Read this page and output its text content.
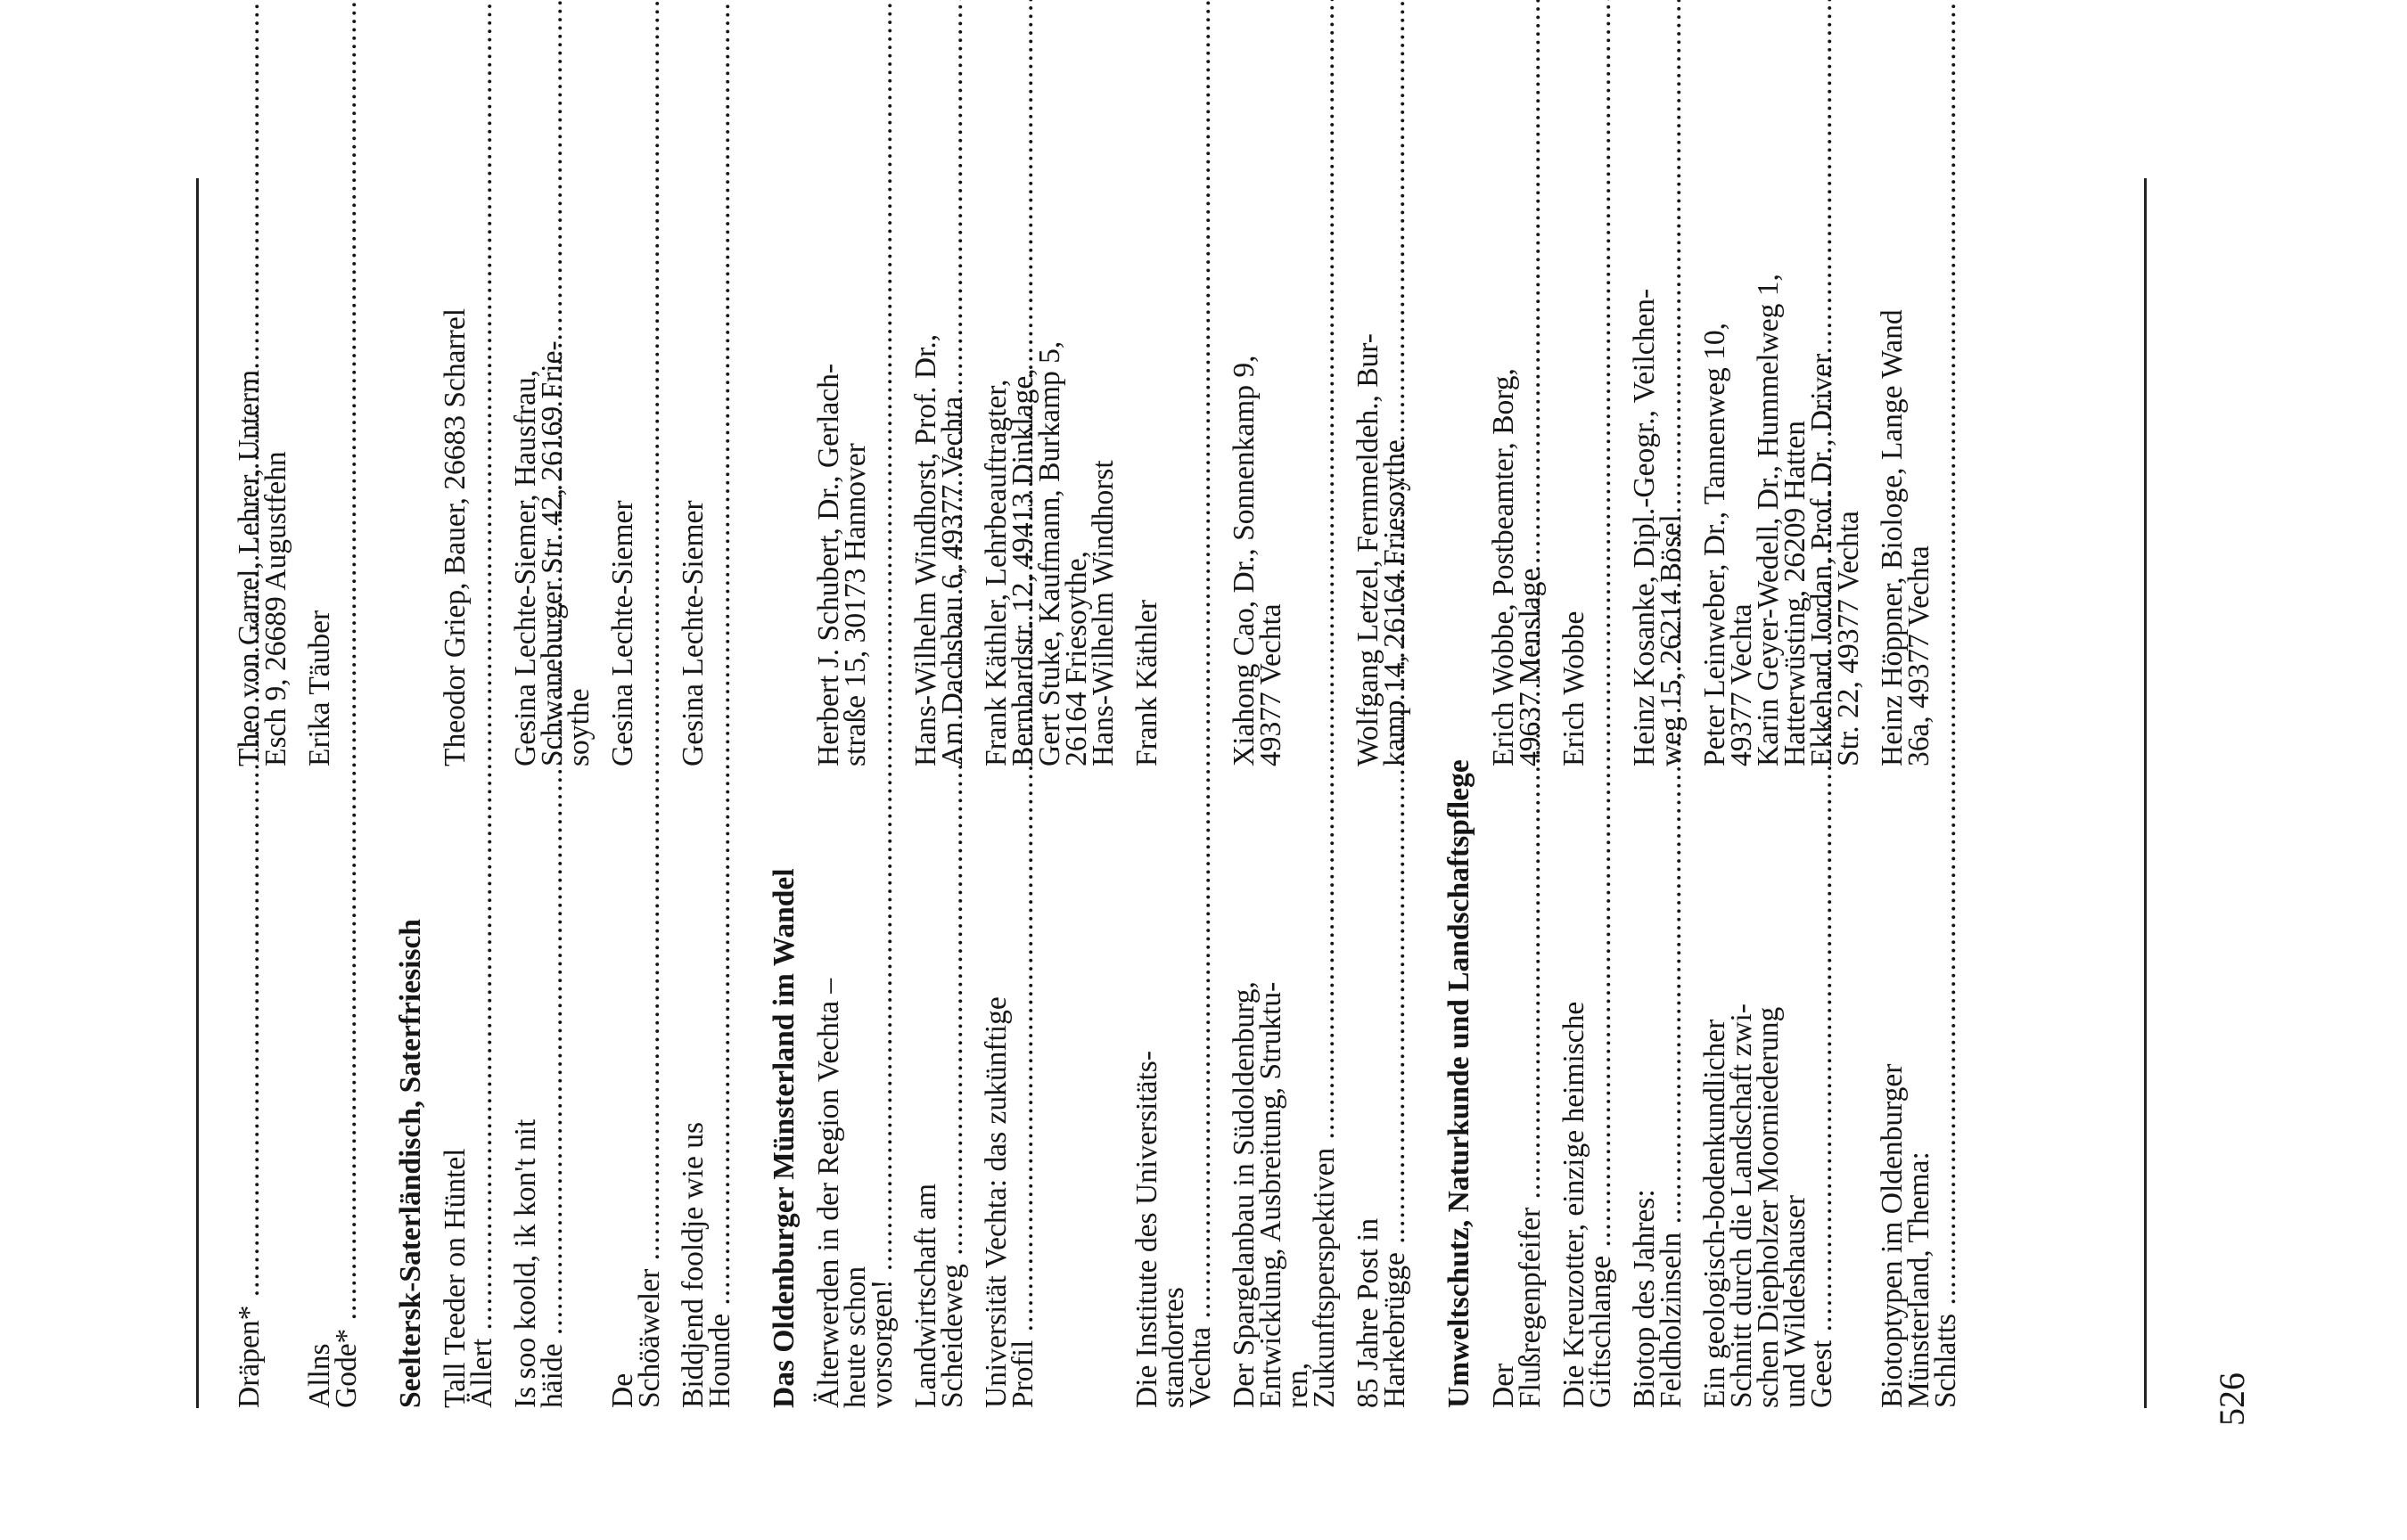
Dräpen* .....
Theo von Garrel, Lehrer, Unterm
Esch 9, 26689 Augustfehn
Allns Gode* .....
Erika Täuber
Seeltersk-Saterländisch, Saterfriesisch Tall Teeder on Hüntel Ällert .....
Theodor Griep, Bauer, 26683 Scharrel
Is soo koold, ik kon't nit häide .....
Gesina Lechte-Siemer, Hausfrau,
Schwaneburger Str. 42, 26169 Frie-
soythe
De Schöäweler .....
Gesina Lechte-Siemer
Biddjend fooldje wie us Hounde .....
Gesina Lechte-Siemer
Das Oldenburger Münsterland im Wandel Älterwerden in der Region Vechta –
heute schon vorsorgen! .....
Herbert J. Schubert, Dr., Gerlach-
straße 15, 30173 Hannover
Landwirtschaft am Scheideweg .....
Hans-Wilhelm Windhorst, Prof. Dr.,
Am Dachsbau 6, 49377 Vechta
Universität Vechta: das zukünftige
Profil .....
Frank Käthler, Lehrbeauftragter,
Bernhardstr. 12, 49413 Dinklage,
Gert Stuke, Kaufmann, Burkamp 5,
26164 Friesoythe,
Hans-Wilhelm Windhorst
Die Institute des Universitäts-
standortes Vechta .....
Frank Käthler
Der Spargelanbau in Südoldenburg,
Entwicklung, Ausbreitung, Struktu-
ren, Zukunftsperspektiven .....
Xiahong Cao, Dr., Sonnenkamp 9,
49377 Vechta
85 Jahre Post in Harkebrügge .....
Wolfgang Letzel, Fernmeldeh., Bur-
kamp 14, 26164 Friesoythe
Umweltschutz, Naturkunde und Landschaftspflege Der Flußregenpfeifer .....
Erich Wobbe, Postbeamter, Borg,
49637 Menslage
Die Kreuzotter, einzige heimische
Giftschlange .....
Erich Wobbe
Biotop des Jahres: Feldholzinseln .....
Heinz Kosanke, Dipl.-Geogr., Veilchen-
weg 15, 26214 Bösel
Ein geologisch-bodenkundlicher
Schnitt durch die Landschaft zwi-
schen Diepholzer Moorniederung
und Wildeshauser Geest .....
Peter Leinweber, Dr., Tannenweg 10,
49377 Vechta
Karin Geyer-Wedell, Dr., Hummelweg 1,
Hatterwüsting, 26209 Hatten
Ekkehard Jordan, Prof. Dr., Driver
Str. 22, 49377 Vechta
Biotoptypen im Oldenburger
Münsterland, Thema: Schlatts .....
Heinz Höppner, Biologe, Lange Wand
36a, 49377 Vechta
526
